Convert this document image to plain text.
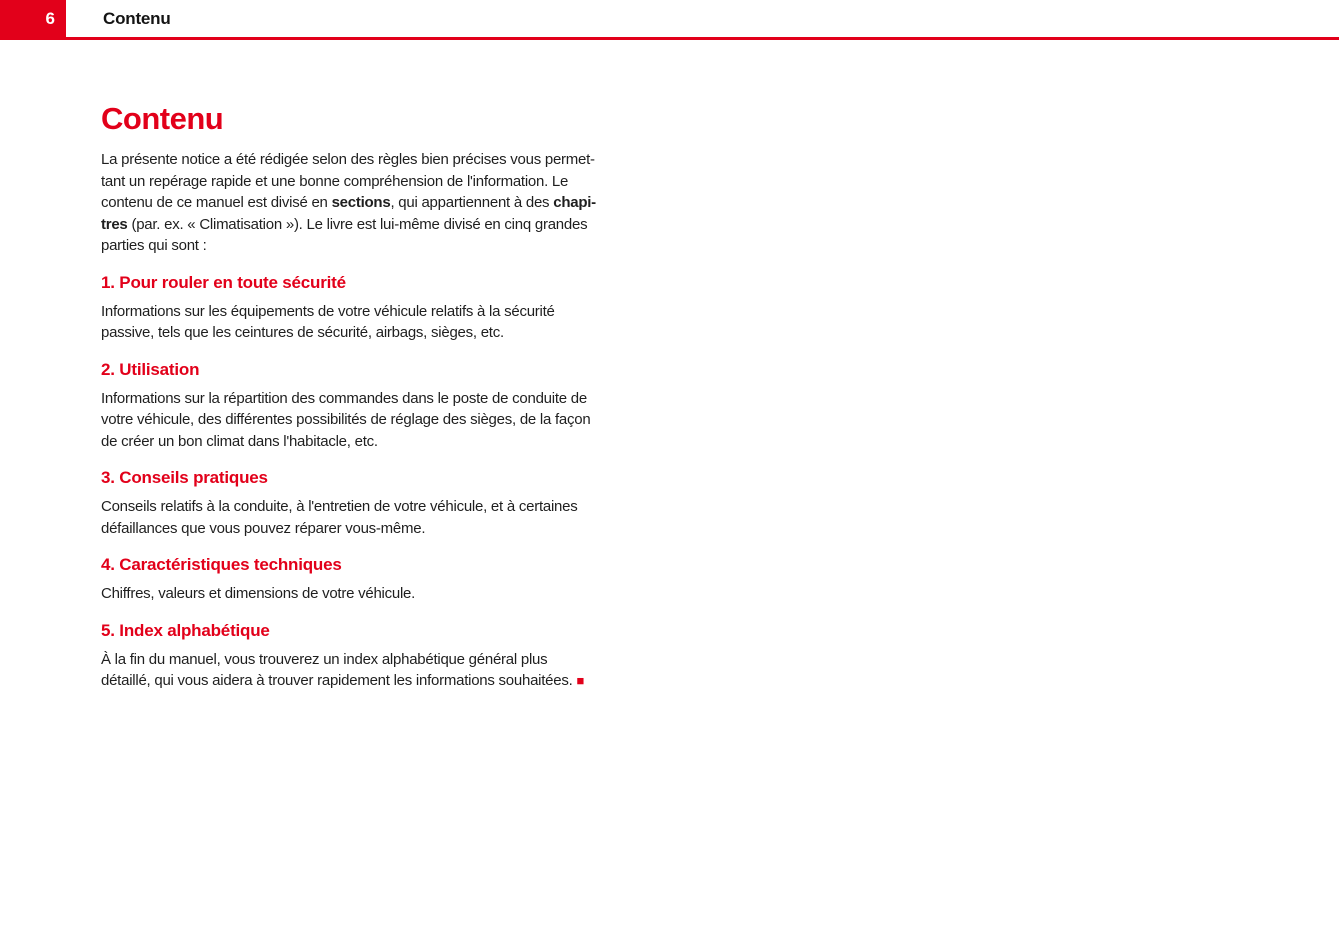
6	Contenu
Contenu
La présente notice a été rédigée selon des règles bien précises vous permet-
tant un repérage rapide et une bonne compréhension de l'information. Le
contenu de ce manuel est divisé en sections, qui appartiennent à des chapi-
tres (par. ex. « Climatisation »). Le livre est lui-même divisé en cinq grandes
parties qui sont :
1. Pour rouler en toute sécurité
Informations sur les équipements de votre véhicule relatifs à la sécurité
passive, tels que les ceintures de sécurité, airbags, sièges, etc.
2. Utilisation
Informations sur la répartition des commandes dans le poste de conduite de
votre véhicule, des différentes possibilités de réglage des sièges, de la façon
de créer un bon climat dans l'habitacle, etc.
3. Conseils pratiques
Conseils relatifs à la conduite, à l'entretien de votre véhicule, et à certaines
défaillances que vous pouvez réparer vous-même.
4. Caractéristiques techniques
Chiffres, valeurs et dimensions de votre véhicule.
5. Index alphabétique
À la fin du manuel, vous trouverez un index alphabétique général plus
détaillé, qui vous aidera à trouver rapidement les informations souhaitées. ■
